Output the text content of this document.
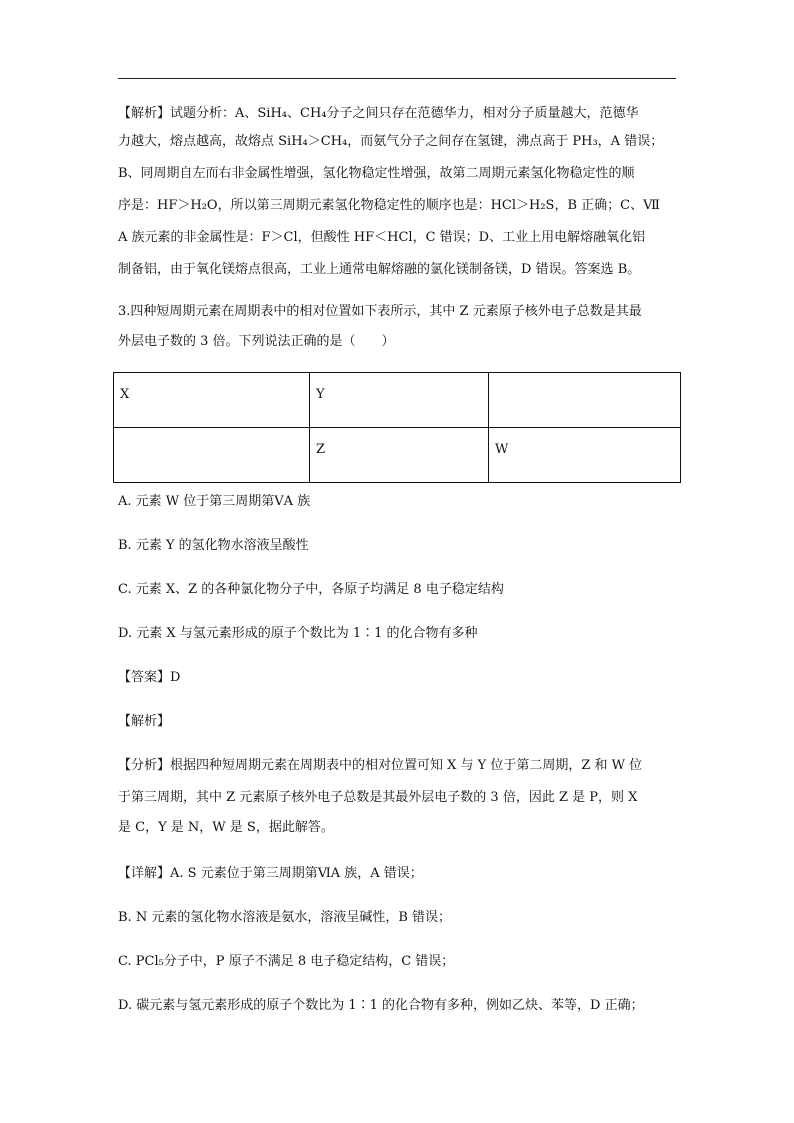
【解析】试题分析：A、SiH₄、CH₄分子之间只存在范德华力，相对分子质量越大，范德华
力越大，熔点越高，故熔点 SiH₄＞CH₄，而氨气分子之间存在氢键，沸点高于 PH₃，A 错误；
B、同周期自左而右非金属性增强，氢化物稳定性增强，故第二周期元素氢化物稳定性的顺
序是：HF＞H₂O，所以第三周期元素氢化物稳定性的顺序也是：HCl＞H₂S，B 正确；C、Ⅶ
A 族元素的非金属性是：F＞Cl，但酸性 HF＜HCl，C 错误；D、工业上用电解熔融氧化铝
制备铝，由于氧化镁熔点很高，工业上通常电解熔融的氯化镁制备镁，D 错误。答案选 B。
3.四种短周期元素在周期表中的相对位置如下表所示，其中 Z 元素原子核外电子总数是其最
外层电子数的 3 倍。下列说法正确的是（　　）
X	Y	
	Z	W
A. 元素 W 位于第三周期第ⅤA 族
B. 元素 Y 的氢化物水溶液呈酸性
C. 元素 X、Z 的各种氯化物分子中，各原子均满足 8 电子稳定结构
D. 元素 X 与氢元素形成的原子个数比为 1∶1 的化合物有多种
【答案】D
【解析】
【分析】根据四种短周期元素在周期表中的相对位置可知 X 与 Y 位于第二周期，Z 和 W 位
于第三周期，其中 Z 元素原子核外电子总数是其最外层电子数的 3 倍，因此 Z 是 P，则 X
是 C，Y 是 N，W 是 S，据此解答。
【详解】A. S 元素位于第三周期第ⅥA 族，A 错误；
B. N 元素的氢化物水溶液是氨水，溶液呈碱性，B 错误；
C. PCl₅分子中，P 原子不满足 8 电子稳定结构，C 错误；
D. 碳元素与氢元素形成的原子个数比为 1∶1 的化合物有多种，例如乙炔、苯等，D 正确；
